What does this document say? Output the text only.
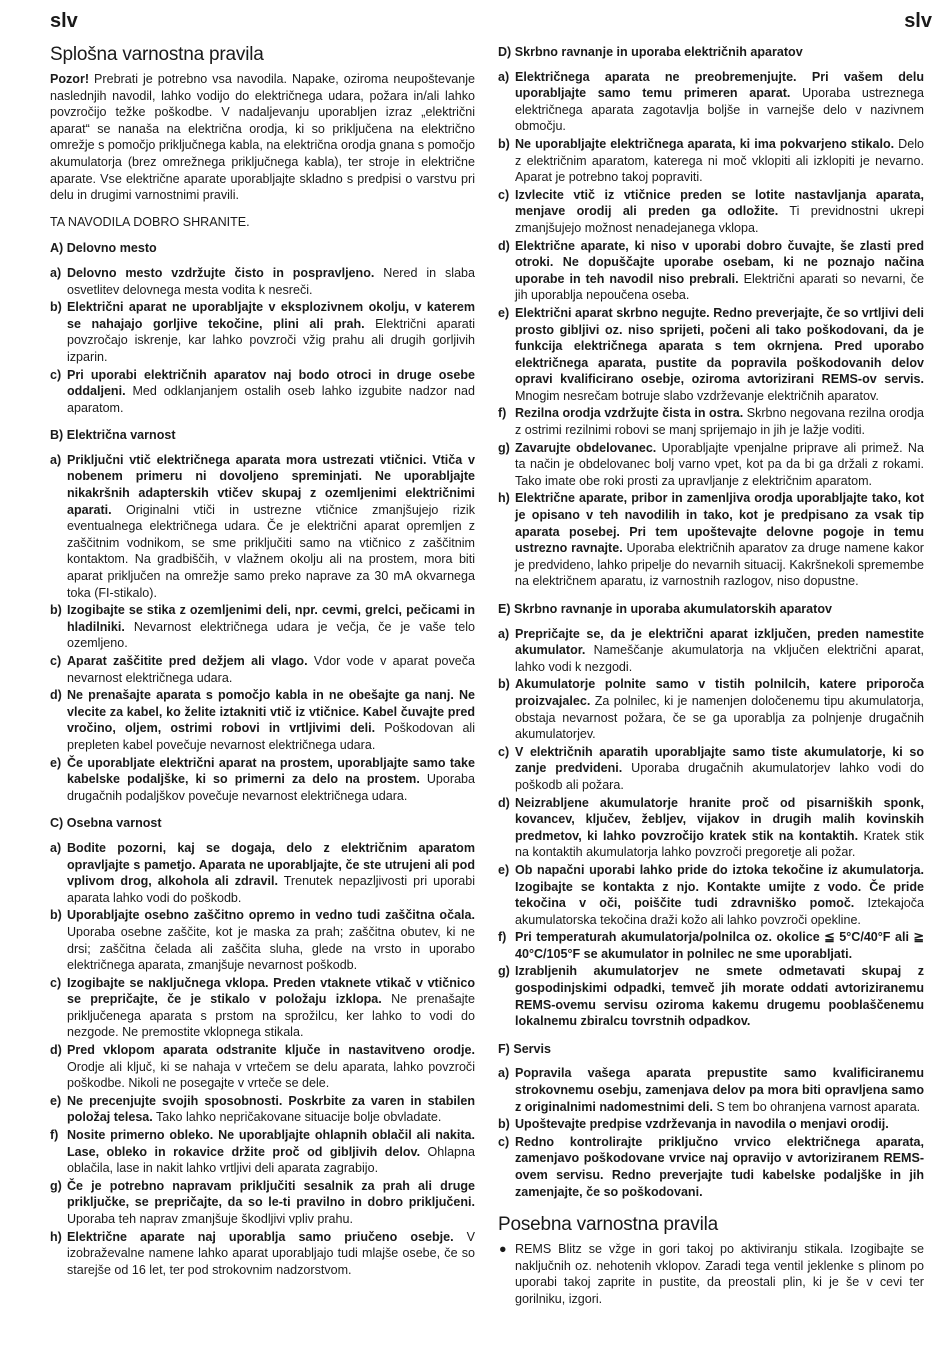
slv	slv
Splošna varnostna pravila

Pozor! Prebrati je potrebno vsa navodila. Napake, oziroma neupoštevanje naslednjih navodil, lahko vodijo do električnega udara, požara in/ali lahko povzročijo težke poškodbe. V nadaljevanju uporabljen izraz „električni aparat“ se nanaša na električna orodja, ki so priključena na električno omrežje s pomočjo priključnega kabla, na električna orodja gnana s pomočjo akumulatorja (brez omrežnega priključnega kabla), ter stroje in električne aparate. Vse električne aparate uporabljajte skladno s predpisi o varstvu pri delu in drugimi varnostnimi pravili.

TA NAVODILA DOBRO SHRANITE.

A) Delovno mesto

a) Delovno mesto vzdržujte čisto in pospravljeno. Nered in slaba osvetlitev delovnega mesta vodita k nesreči.
b) Električni aparat ne uporabljajte v eksplozivnem okolju, v katerem se nahajajo gorljive tekočine, plini ali prah. Električni aparati povzročajo iskrenje, kar lahko povzroči vžig prahu ali drugih gorljivih izparin.
c) Pri uporabi električnih aparatov naj bodo otroci in druge osebe oddaljeni. Med odklanjanjem ostalih oseb lahko izgubite nadzor nad aparatom.

B) Električna varnost

a) Priključni vtič električnega aparata mora ustrezati vtičnici. Vtiča v nobenem primeru ni dovoljeno spreminjati. Ne uporabljajte nikakršnih adapterskih vtičev skupaj z ozemljenimi električnimi aparati. Originalni vtiči in ustrezne vtičnice zmanjšujejo rizik eventualnega električnega udara. Če je električni aparat opremljen z zaščitnim vodnikom, se sme priključiti samo na vtičnico z zaščitnim kontaktom. Na gradbiščih, v vlažnem okolju ali na prostem, mora biti aparat priključen na omrežje samo preko naprave za 30 mA okvarnega toka (FI-stikalo).
b) Izogibajte se stika z ozemljenimi deli, npr. cevmi, grelci, pečicami in hladilniki. Nevarnost električnega udara je večja, če je vaše telo ozemljeno.
c) Aparat zaščitite pred dežjem ali vlago. Vdor vode v aparat poveča nevarnost električnega udara.
d) Ne prenašajte aparata s pomočjo kabla in ne obešajte ga nanj. Ne vlecite za kabel, ko želite iztakniti vtič iz vtičnice. Kabel čuvajte pred vročino, oljem, ostrimi robovi in vrtljivimi deli. Poškodovan ali prepleten kabel povečuje nevarnost električnega udara.
e) Če uporabljate električni aparat na prostem, uporabljajte samo take kabelske podaljške, ki so primerni za delo na prostem. Uporaba drugačnih podaljškov povečuje nevarnost električnega udara.

C) Osebna varnost

a) Bodite pozorni, kaj se dogaja, delo z električnim aparatom opravljajte s pametjo. Aparata ne uporabljajte, če ste utrujeni ali pod vplivom drog, alkohola ali zdravil. Trenutek nepazljivosti pri uporabi aparata lahko vodi do poškodb.
b) Uporabljajte osebno zaščitno opremo in vedno tudi zaščitna očala. Uporaba osebne zaščite, kot je maska za prah; zaščitna obutev, ki ne drsi; zaščitna čelada ali zaščita sluha, glede na vrsto in uporabo električnega aparata, zmanjšuje nevarnost poškodb.
c) Izogibajte se naključnega vklopa. Preden vtaknete vtikač v vtičnico se prepričajte, če je stikalo v položaju izklopa. Ne prenašajte priključenega aparata s prstom na sprožilcu, ker lahko to vodi do nezgode. Ne premostite vklopnega stikala.
d) Pred vklopom aparata odstranite ključe in nastavitveno orodje. Orodje ali ključ, ki se nahaja v vrtečem se delu aparata, lahko povzroči poškodbe. Nikoli ne posegajte v vrteče se dele.
e) Ne precenjujte svojih sposobnosti. Poskrbite za varen in stabilen položaj telesa. Tako lahko nepričakovane situacije bolje obvladate.
f) Nosite primerno obleko. Ne uporabljajte ohlapnih oblačil ali nakita. Lase, obleko in rokavice držite proč od gibljivih delov. Ohlapna oblačila, lase in nakit lahko vrtljivi deli aparata zagrabijo.
g) Če je potrebno napravam priključiti sesalnik za prah ali druge priključke, se prepričajte, da so le-ti pravilno in dobro priključeni. Uporaba teh naprav zmanjšuje škodljivi vpliv prahu.
h) Električne aparate naj uporablja samo priučeno osebje. V izobraževalne namene lahko aparat uporabljajo tudi mlajše osebe, če so starejše od 16 let, ter pod strokovnim nadzorstvom.

D) Skrbno ravnanje in uporaba električnih aparatov

a) Električnega aparata ne preobremenjujte. Pri vašem delu uporabljajte samo temu primeren aparat. Uporaba ustreznega električnega aparata zagotavlja boljše in varnejše delo v nazivnem območju.
b) Ne uporabljajte električnega aparata, ki ima pokvarjeno stikalo. Delo z električnim aparatom, katerega ni moč vklopiti ali izklopiti je nevarno. Aparat je potrebno takoj popraviti.
c) Izvlecite vtič iz vtičnice preden se lotite nastavljanja aparata, menjave orodij ali preden ga odložite. Ti previdnostni ukrepi zmanjšujejo možnost nenadejanega vklopa.
d) Električne aparate, ki niso v uporabi dobro čuvajte, še zlasti pred otroki. Ne dopuščajte uporabe osebam, ki ne poznajo načina uporabe in teh navodil niso prebrali. Električni aparati so nevarni, če jih uporablja nepoučena oseba.
e) Električni aparat skrbno negujte. Redno preverjajte, če so vrtljivi deli prosto gibljivi oz. niso sprijeti, počeni ali tako poškodovani, da je funkcija električnega aparata s tem okrnjena. Pred uporabo električnega aparata, pustite da popravila poškodovanih delov opravi kvalificirano osebje, oziroma avtorizirani REMS-ov servis. Mnogim nesrečam botruje slabo vzdrževanje električnih aparatov.
f) Rezilna orodja vzdržujte čista in ostra. Skrbno negovana rezilna orodja z ostrimi rezilnimi robovi se manj sprijemajo in jih je lažje voditi.
g) Zavarujte obdelovanec. Uporabljajte vpenjalne priprave ali primež. Na ta način je obdelovanec bolj varno vpet, kot pa da bi ga držali z rokami. Tako imate obe roki prosti za upravljanje z električnim aparatom.
h) Električne aparate, pribor in zamenljiva orodja uporabljajte tako, kot je opisano v teh navodilih in tako, kot je predpisano za vsak tip aparata posebej. Pri tem upoštevajte delovne pogoje in temu ustrezno ravnajte. Uporaba električnih aparatov za druge namene kakor je predvideno, lahko pripelje do nevarnih situacij. Kakršnekoli spremembe na električnem aparatu, iz varnostnih razlogov, niso dopustne.

E) Skrbno ravnanje in uporaba akumulatorskih aparatov

a) Prepričajte se, da je električni aparat izključen, preden namestite akumulator. Nameščanje akumulatorja na vključen električni aparat, lahko vodi k nezgodi.
b) Akumulatorje polnite samo v tistih polnilcih, katere priporoča proizvajalec. Za polnilec, ki je namenjen določenemu tipu akumulatorja, obstaja nevarnost požara, če se ga uporablja za polnjenje drugačnih akumulatorjev.
c) V električnih aparatih uporabljajte samo tiste akumulatorje, ki so zanje predvideni. Uporaba drugačnih akumulatorjev lahko vodi do poškodb ali požara.
d) Neizrabljene akumulatorje hranite proč od pisarniških sponk, kovancev, ključev, žebljev, vijakov in drugih malih kovinskih predmetov, ki lahko povzročijo kratek stik na kontaktih. Kratek stik na kontaktih akumulatorja lahko povzroči pregoretje ali požar.
e) Ob napačni uporabi lahko pride do iztoka tekočine iz akumulatorja. Izogibajte se kontakta z njo. Kontakte umijte z vodo. Če pride tekočina v oči, poiščite tudi zdravniško pomoč. Iztekajoča akumulatorska tekočina draži kožo ali lahko povzroči opekline.
f) Pri temperaturah akumulatorja/polnilca oz. okolice ≦ 5°C/40°F ali ≧ 40°C/105°F se akumulator in polnilec ne sme uporabljati.
g) Izrabljenih akumulatorjev ne smete odmetavati skupaj z gospodinjskimi odpadki, temveč jih morate oddati avtoriziranemu REMS-ovemu servisu oziroma kakemu drugemu pooblaščenemu lokalnemu zbiralcu tovrstnih odpadkov.

F) Servis

a) Popravila vašega aparata prepustite samo kvalificiranemu strokovnemu osebju, zamenjava delov pa mora biti opravljena samo z originalnimi nadomestnimi deli. S tem bo ohranjena varnost aparata.
b) Upoštevajte predpise vzdrževanja in navodila o menjavi orodij.
c) Redno kontrolirajte priključno vrvico električnega aparata, zamenjavo poškodovane vrvice naj opravijo v avtoriziranem REMS-ovem servisu. Redno preverjajte tudi kabelske podaljške in jih zamenjajte, če so poškodovani.
Posebna varnostna pravila
● REMS Blitz se vžge in gori takoj po aktiviranju stikala. Izogibajte se naključnih oz. nehotenih vklopov. Zaradi tega ventil jeklenke s plinom po uporabi takoj zaprite in pustite, da preostali plin, ki je še v cevi ter gorilniku, izgori.
